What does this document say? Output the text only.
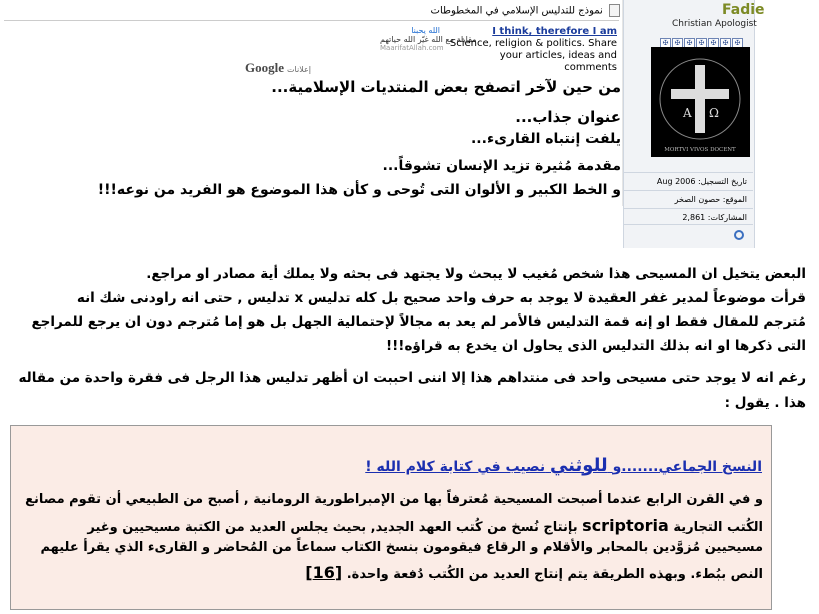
نموذج للتدليس الإسلامي في المخطوطات
Google إعلانات
الله يحبنا
مقابلة مع الله غيّر الله حياتهم
MaarifatAllah.com
I think, therefore I am
Science, religion & politics. Share your articles, ideas and comments
من حين لآخر اتصفح بعض المنتديات الإسلامية...
عنوان جذاب...
يلفت إنتباه القارىء...
مقدمة مُثيرة تزيد الإنسان تشوقاً...
و الخط الكبير و الألوان التى تُوحى و كأن هذا الموضوع هو الفريد من نوعه!!!
Fadie
Christian Apologist
✠ ✠ ✠ ✠ ✠ ✠ ✠
A Ω
MORTVI VIVOS DOCENT
تاريخ التسجيل: Aug 2006
الموقع: حصون الصخر
المشاركات: 2,861
البعض يتخيل ان المسيحى هذا شخص مُغيب لا يبحث ولا يجتهد فى بحثه ولا يملك أية مصادر او مراجع.
قرأت موضوعاً لمدير غفر العقيدة لا يوجد به حرف واحد صحيح بل كله تدليس x تدليس , حتى انه راودنى شك انه
مُترجم للمقال فقط او إنه قمة التدليس فالأمر لم يعد به مجالاً لإحتمالية الجهل بل هو إما مُترجم دون ان يرجع للمراجع
التى ذكرها او انه بذلك التدليس الذى يحاول ان يخدع به قراؤه!!!
رغم انه لا يوجد حتى مسيحى واحد فى منتداهم هذا إلا اننى احببت ان أظهر تدليس هذا الرجل فى فقرة واحدة من مقاله
هذا . يقول :
النسخ الجماعي.......و للوثني نصيب في كتابة كلام الله !
و في القرن الرابع عندما أصبحت المسيحية مُعترفاً بها من الإمبراطورية الرومانية , أصبح من الطبيعي أن تقوم مصانع
الكُتب التجارية scriptoria بإنتاج نُسخ من كُتب العهد الجديد, بحيث يجلس العديد من الكتبة مسيحيين وغير
مسيحيين مُزوَّدين بالمحابر والأقلام و الرقاع فيقومون بنسخ الكتاب سماعاً من المُحاضر و القارىء الذي يقرأ عليهم
النص ببُطء. وبهذه الطريقة يتم إنتاج العديد من الكُتب دُفعة واحدة. [16]
